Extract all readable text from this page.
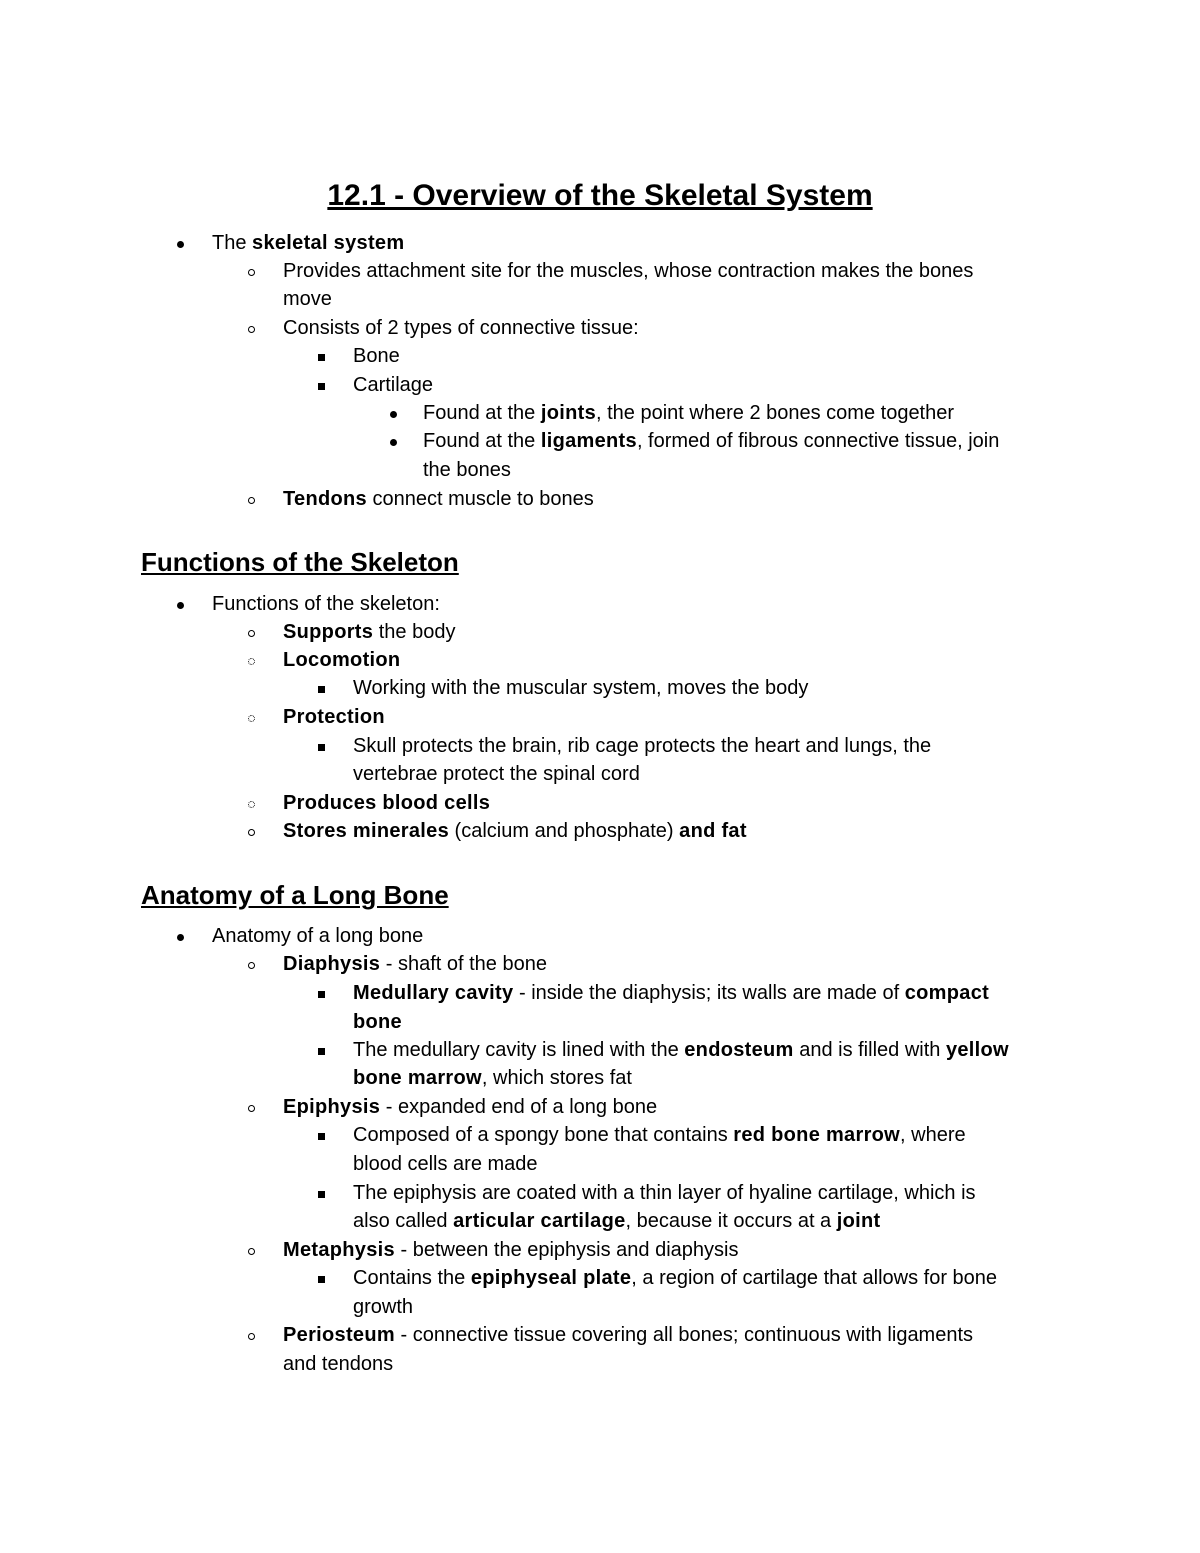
12.1 - Overview of the Skeletal System
The skeletal system
Provides attachment site for the muscles, whose contraction makes the bones
move
Consists of 2 types of connective tissue:
Bone
Cartilage
Found at the joints, the point where 2 bones come together
Found at the ligaments, formed of fibrous connective tissue, join
the bones
Tendons connect muscle to bones
Functions of the Skeleton
Functions of the skeleton:
Supports the body
Locomotion
Working with the muscular system, moves the body
Protection
Skull protects the brain, rib cage protects the heart and lungs, the
vertebrae protect the spinal cord
Produces blood cells
Stores minerales (calcium and phosphate) and fat
Anatomy of a Long Bone
Anatomy of a long bone
Diaphysis - shaft of the bone
Medullary cavity - inside the diaphysis; its walls are made of compact
bone
The medullary cavity is lined with the endosteum and is filled with yellow
bone marrow, which stores fat
Epiphysis - expanded end of a long bone
Composed of a spongy bone that contains red bone marrow, where
blood cells are made
The epiphysis are coated with a thin layer of hyaline cartilage, which is
also called articular cartilage, because it occurs at a joint
Metaphysis - between the epiphysis and diaphysis
Contains the epiphyseal plate, a region of cartilage that allows for bone
growth
Periosteum - connective tissue covering all bones; continuous with ligaments
and tendons
